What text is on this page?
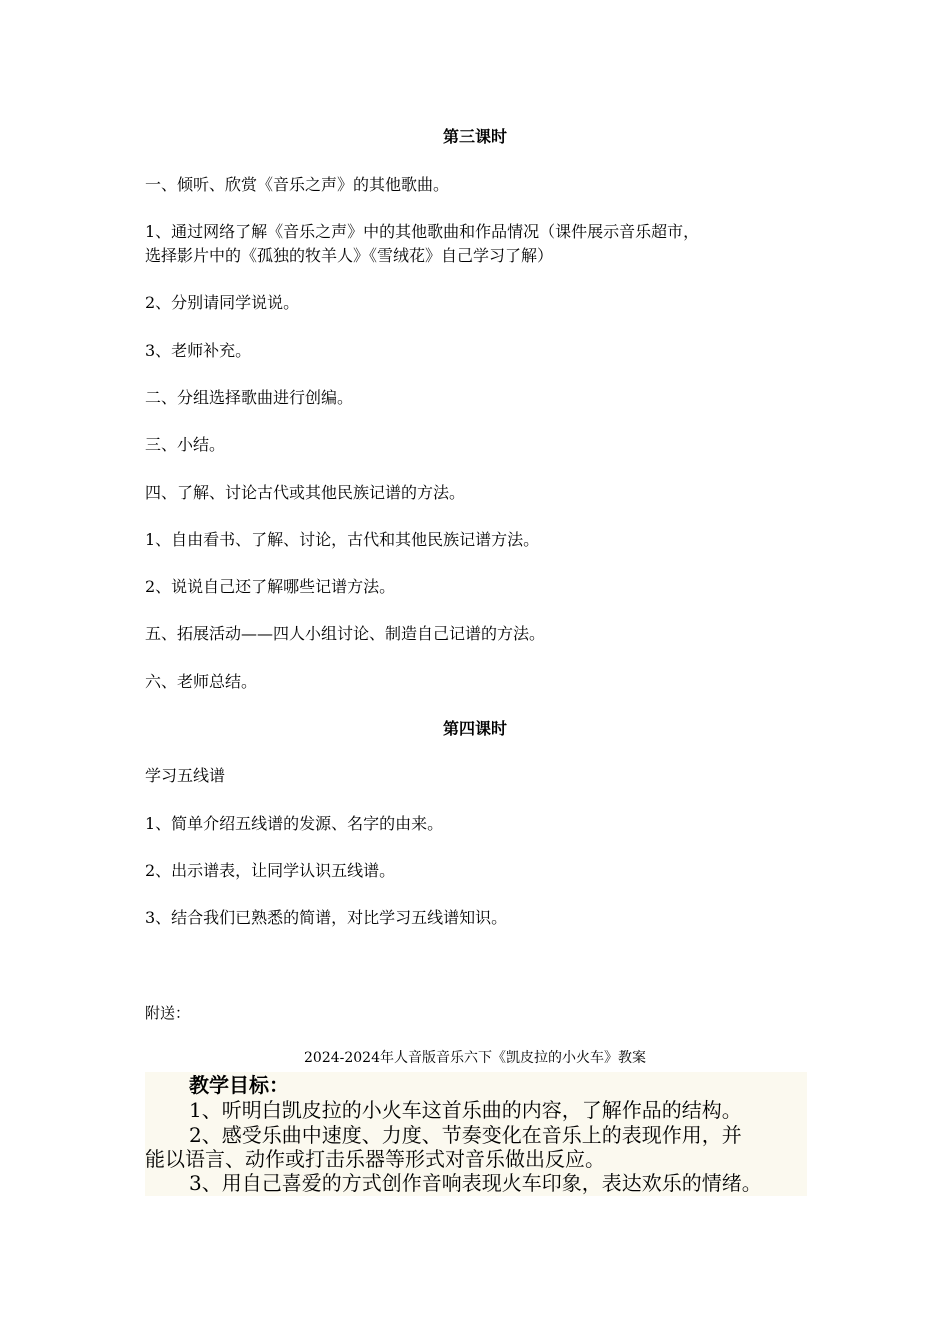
第三课时
一、倾听、欣赏《音乐之声》的其他歌曲。
1、通过网络了解《音乐之声》中的其他歌曲和作品情况（课件展示音乐超市，
选择影片中的《孤独的牧羊人》《雪绒花》自己学习了解）
2、分别请同学说说。
3、老师补充。
二、分组选择歌曲进行创编。
三、小结。
四、了解、讨论古代或其他民族记谱的方法。
1、自由看书、了解、讨论，古代和其他民族记谱方法。
2、说说自己还了解哪些记谱方法。
五、拓展活动——四人小组讨论、制造自己记谱的方法。
六、老师总结。
第四课时
学习五线谱
1、简单介绍五线谱的发源、名字的由来。
2、出示谱表，让同学认识五线谱。
3、结合我们已熟悉的简谱，对比学习五线谱知识。
附送：
2024-2024年人音版音乐六下《凯皮拉的小火车》教案
教学目标：
1、听明白凯皮拉的小火车这首乐曲的内容，了解作品的结构。
2、感受乐曲中速度、力度、节奏变化在音乐上的表现作用，并
能以语言、动作或打击乐器等形式对音乐做出反应。
3、用自己喜爱的方式创作音响表现火车印象，表达欢乐的情绪。
